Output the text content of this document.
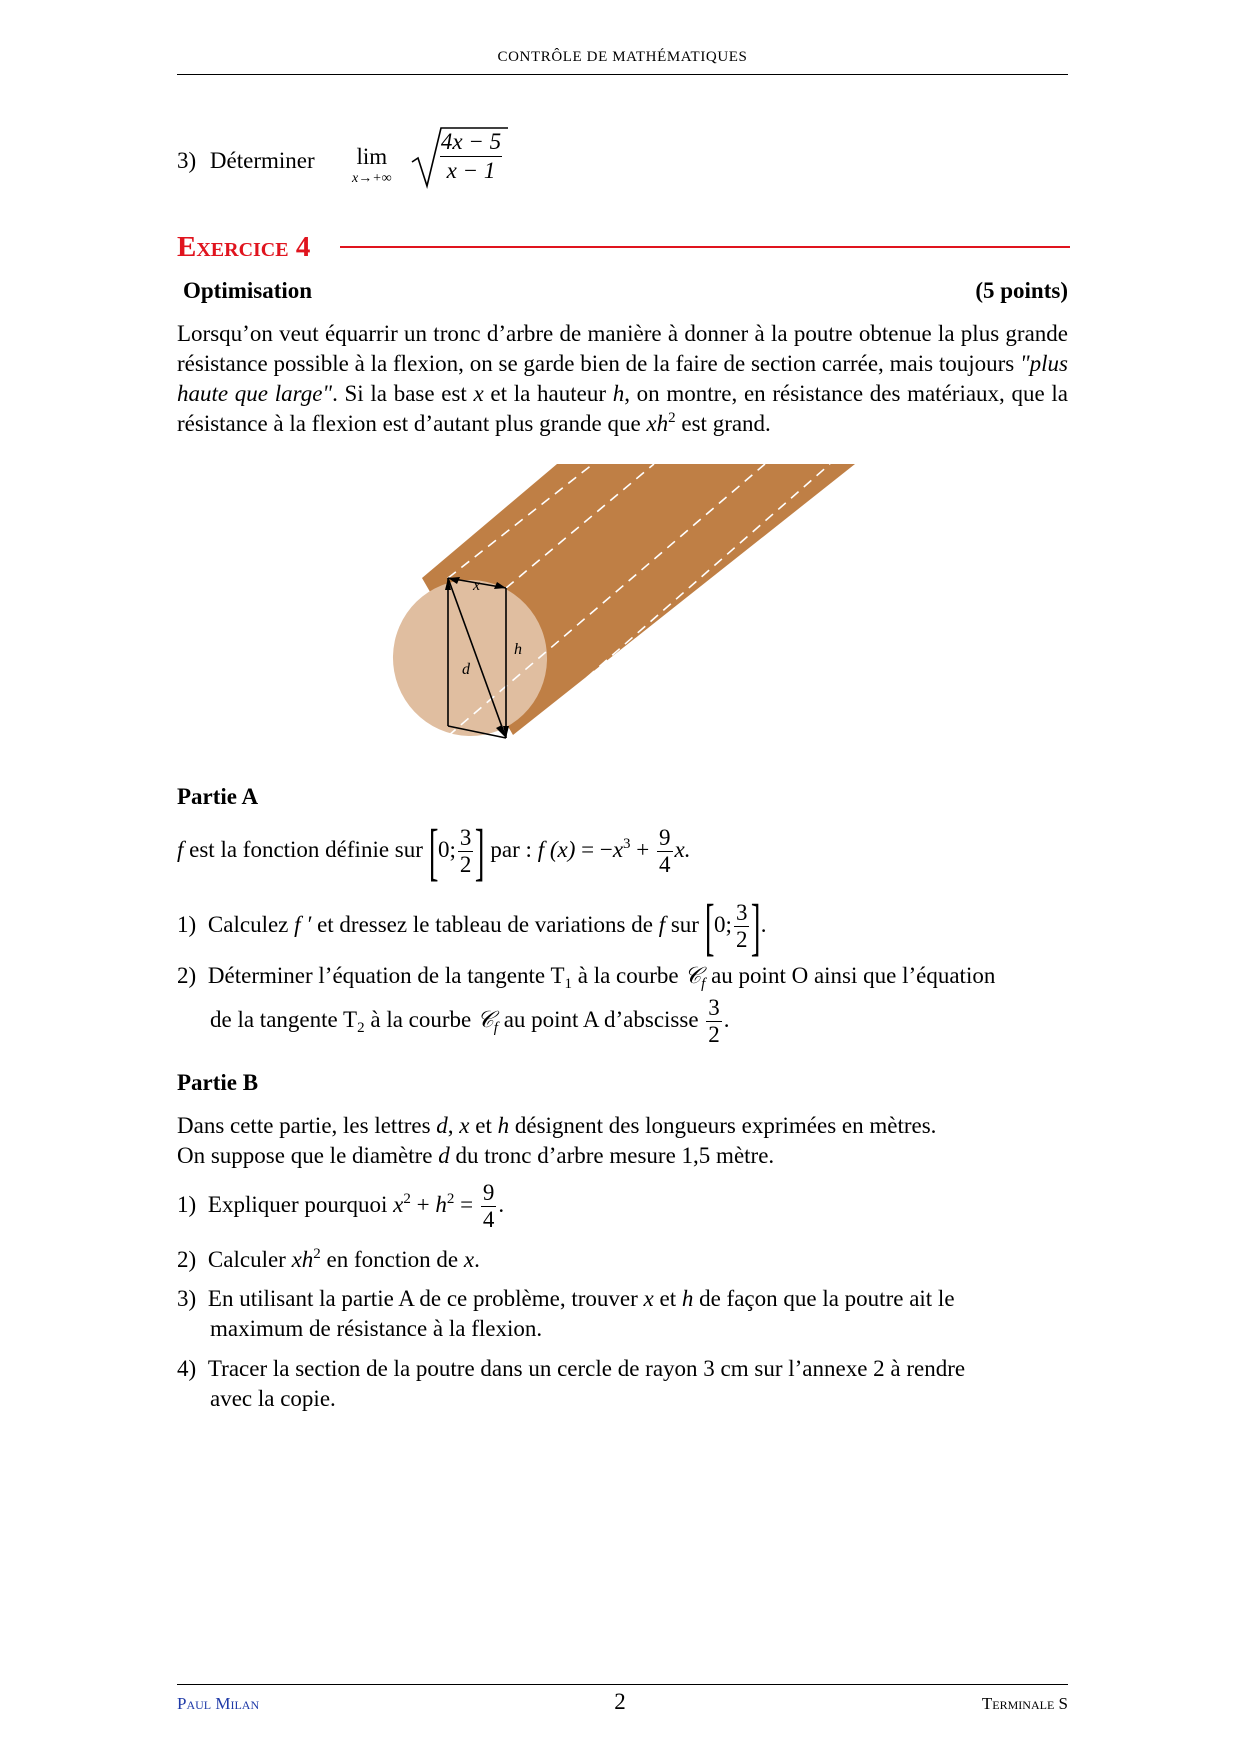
CONTRÔLE DE MATHÉMATIQUES
3) Déterminer lim
$x\to+\infty \frac{4x - 5}{x - 1}$
Exercice 4
Optimisation	(5 points)
Lorsqu’on veut équarrir un tronc d’arbre de manière à donner à la poutre obtenue la plus grande résistance possible à la flexion, on se garde bien de la faire de section carrée, mais toujours "plus haute que large". Si la base est x et la hauteur h, on montre, en résistance des matériaux, que la résistance à la flexion est d’autant plus grande que $xh^2$ est grand.
x
h
d
Partie A
f est la fonction définie sur [0; $\frac{3}{2}$ ] par : f $(x) = -x^3 + \frac{9}{4} x$.
1) Calculez f ′ et dressez le tableau de variations de f sur [0; $\frac{3}{2}$ ].
2) Déterminer l’équation de la tangente $T_1$ à la courbe 𝒞$_f$ au point O ainsi que l’équation
de la tangente $T_2$ à la courbe 𝒞$_f$ au point A d’abscisse $\frac{3}{2}$ .
Partie B
Dans cette partie, les lettres d, x et h désignent des longueurs exprimées en mètres.
On suppose que le diamètre d du tronc d’arbre mesure 1,5 mètre.
1) Expliquer pourquoi $x^2 + h^2 = \frac{9}{4}$ .
2) Calculer $xh^2$ en fonction de x.
3) En utilisant la partie A de ce problème, trouver x et h de façon que la poutre ait le
maximum de résistance à la flexion.
4) Tracer la section de la poutre dans un cercle de rayon 3 cm sur l’annexe 2 à rendre
avec la copie.
Paul Milan	2	Terminale S
